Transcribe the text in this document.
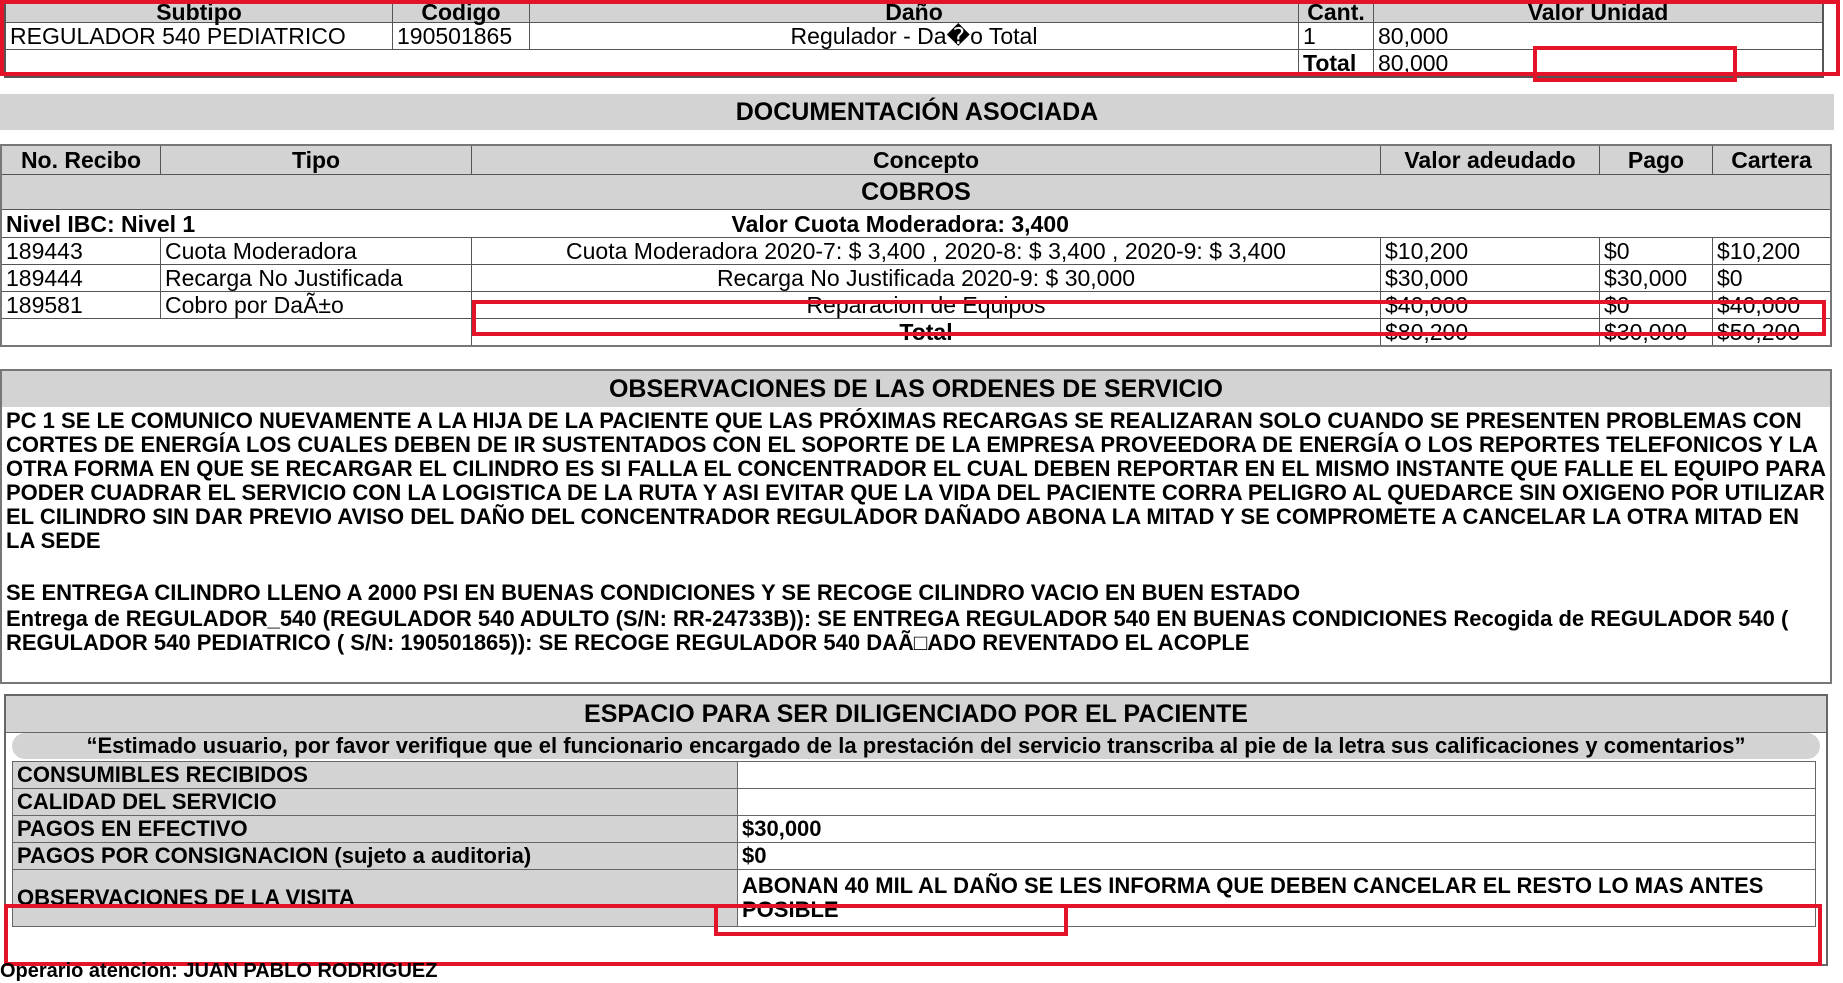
Subtipo	Codigo	Daño	Cant.	Valor Unidad
REGULADOR 540 PEDIATRICO	190501865	Regulador - Da�o Total	1	80,000
			Total	80,000
DOCUMENTACIÓN ASOCIADA
COBROS					
Nivel IBC: Nivel 1		Valor Cuota Moderadora: 3,400			
No. Recibo	Tipo	Concepto	Valor adeudado	Pago	Cartera
189443	Cuota Moderadora	Cuota Moderadora 2020-7: $ 3,400 , 2020-8: $ 3,400 , 2020-9: $ 3,400	$10,200	$0	$10,200
189444	Recarga No Justificada	Recarga No Justificada 2020-9: $ 30,000	$30,000	$30,000	$0
189581	Cobro por DaÃ±o	Reparacion de Equipos	$40,000	$0	$40,000
		Total	$80,200	$30,000	$50,200
OBSERVACIONES DE LAS ORDENES DE SERVICIO
PC 1 SE LE COMUNICO NUEVAMENTE A LA HIJA DE LA PACIENTE QUE LAS PRÓXIMAS RECARGAS SE REALIZARAN SOLO CUANDO SE PRESENTEN PROBLEMAS CON CORTES DE ENERGÍA LOS CUALES DEBEN DE IR SUSTENTADOS CON EL SOPORTE DE LA EMPRESA PROVEEDORA DE ENERGÍA O LOS REPORTES TELEFONICOS Y LA OTRA FORMA EN QUE SE RECARGAR EL CILINDRO ES SI FALLA EL CONCENTRADOR EL CUAL DEBEN REPORTAR EN EL MISMO INSTANTE QUE FALLE EL EQUIPO PARA PODER CUADRAR EL SERVICIO CON LA LOGISTICA DE LA RUTA Y ASI EVITAR QUE LA VIDA DEL PACIENTE CORRA PELIGRO AL QUEDARCE SIN OXIGENO POR UTILIZAR EL CILINDRO SIN DAR PREVIO AVISO DEL DAÑO DEL CONCENTRADOR REGULADOR DAÑADO ABONA LA MITAD Y SE COMPROMETE A CANCELAR LA OTRA MITAD EN LA SEDE
SE ENTREGA CILINDRO LLENO A 2000 PSI EN BUENAS CONDICIONES Y SE RECOGE CILINDRO VACIO EN BUEN ESTADO
Entrega de REGULADOR_540 (REGULADOR 540 ADULTO (S/N: RR-24733B)): SE ENTREGA REGULADOR 540 EN BUENAS CONDICIONES Recogida de REGULADOR 540 ( REGULADOR 540 PEDIATRICO ( S/N: 190501865)): SE RECOGE REGULADOR 540 DAÃ□ADO REVENTADO EL ACOPLE
ESPACIO PARA SER DILIGENCIADO POR EL PACIENTE
“Estimado usuario, por favor verifique que el funcionario encargado de la prestación del servicio transcriba al pie de la letra sus calificaciones y comentarios”
CONSUMIBLES RECIBIDOS	
CALIDAD DEL SERVICIO	
PAGOS EN EFECTIVO	$30,000
PAGOS POR CONSIGNACION (sujeto a auditoria)	$0
OBSERVACIONES DE LA VISITA	ABONAN 40 MIL AL DAÑO SE LES INFORMA QUE DEBEN CANCELAR EL RESTO LO MAS ANTES POSIBLE
Operario atencion: JUAN PABLO RODRIGUEZ
